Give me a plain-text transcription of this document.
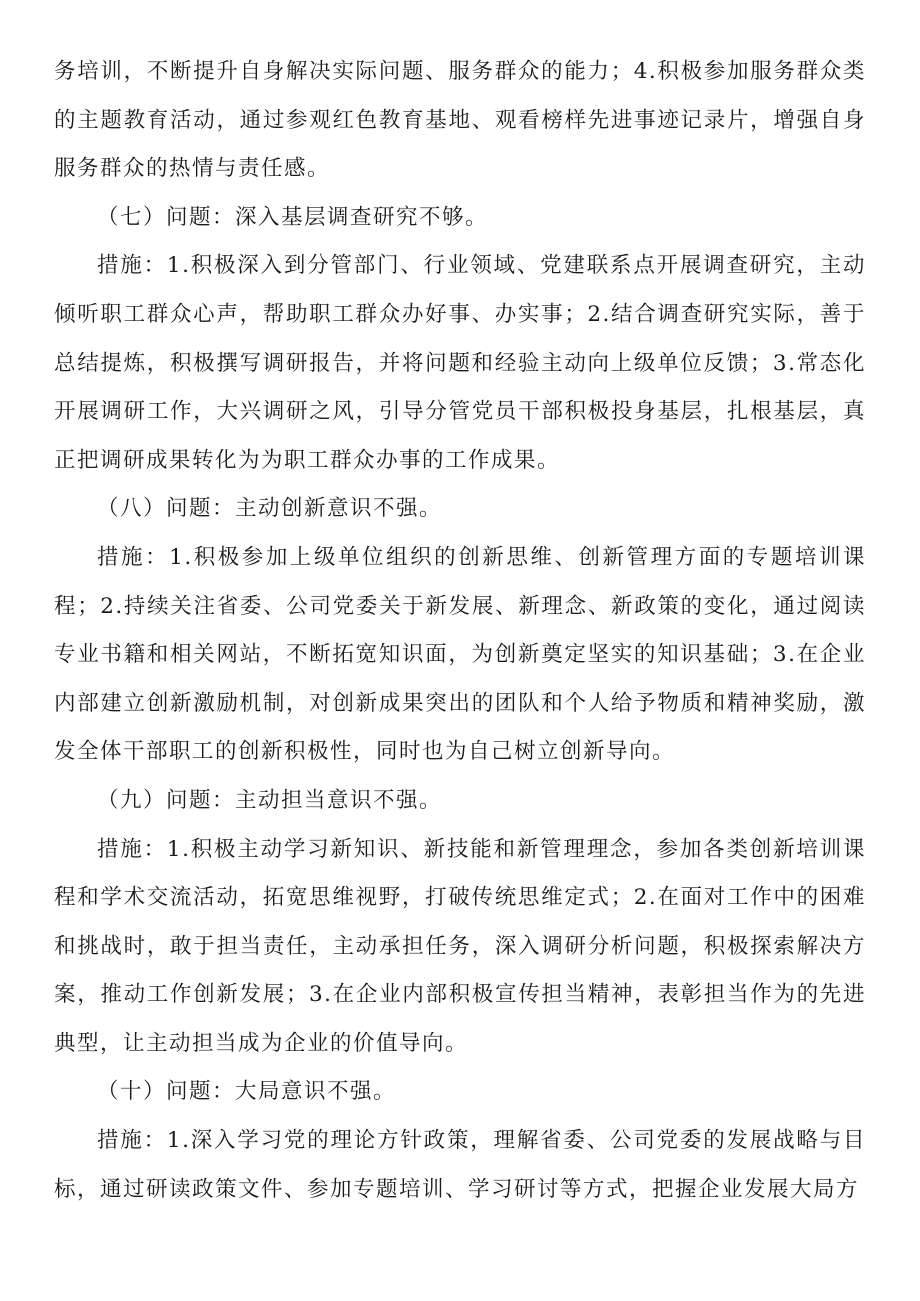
务培训，不断提升自身解决实际问题、服务群众的能力；4.积极参加服务群众类的主题教育活动，通过参观红色教育基地、观看榜样先进事迹记录片，增强自身服务群众的热情与责任感。

（七）问题：深入基层调查研究不够。

措施：1.积极深入到分管部门、行业领域、党建联系点开展调查研究，主动倾听职工群众心声，帮助职工群众办好事、办实事；2.结合调查研究实际，善于总结提炼，积极撰写调研报告，并将问题和经验主动向上级单位反馈；3.常态化开展调研工作，大兴调研之风，引导分管党员干部积极投身基层，扎根基层，真正把调研成果转化为为职工群众办事的工作成果。

（八）问题：主动创新意识不强。

措施：1.积极参加上级单位组织的创新思维、创新管理方面的专题培训课程；2.持续关注省委、公司党委关于新发展、新理念、新政策的变化，通过阅读专业书籍和相关网站，不断拓宽知识面，为创新奠定坚实的知识基础；3.在企业内部建立创新激励机制，对创新成果突出的团队和个人给予物质和精神奖励，激发全体干部职工的创新积极性，同时也为自己树立创新导向。

（九）问题：主动担当意识不强。

措施：1.积极主动学习新知识、新技能和新管理理念，参加各类创新培训课程和学术交流活动，拓宽思维视野，打破传统思维定式；2.在面对工作中的困难和挑战时，敢于担当责任，主动承担任务，深入调研分析问题，积极探索解决方案，推动工作创新发展；3.在企业内部积极宣传担当精神，表彰担当作为的先进典型，让主动担当成为企业的价值导向。

（十）问题：大局意识不强。

措施：1.深入学习党的理论方针政策，理解省委、公司党委的发展战略与目标，通过研读政策文件、参加专题培训、学习研讨等方式，把握企业发展大局方
